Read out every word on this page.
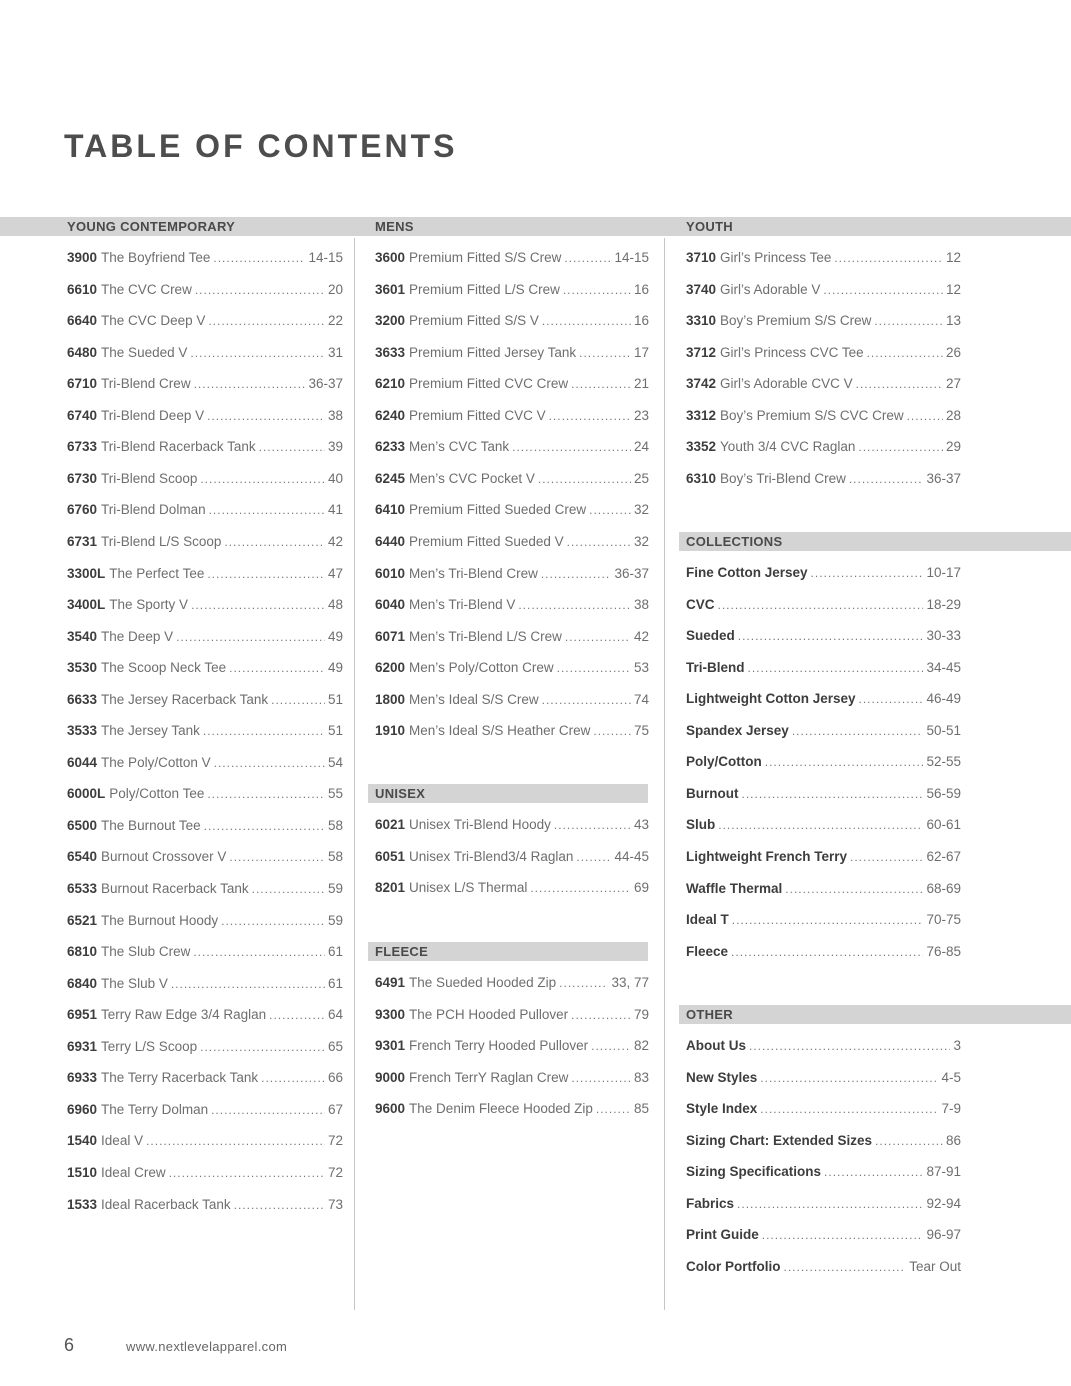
TABLE OF CONTENTS
YOUNG CONTEMPORARY	MENS	YOUTH
UNISEX
FLEECE
COLLECTIONS
OTHER
3900 The Boyfriend Tee .....	14-15
6610 The CVC Crew .....	20
6640 The CVC Deep V .....	22
6480 The Sueded V .....	31
6710 Tri-Blend Crew .....	36-37
6740 Tri-Blend Deep V .....	38
6733 Tri-Blend Racerback Tank .....	39
6730 Tri-Blend Scoop .....	40
6760 Tri-Blend Dolman .....	41
6731 Tri-Blend L/S Scoop .....	42
3300L The Perfect Tee .....	47
3400L The Sporty V .....	48
3540 The Deep V .....	49
3530 The Scoop Neck Tee .....	49
6633 The Jersey Racerback Tank .....	51
3533 The Jersey Tank .....	51
6044 The Poly/Cotton V .....	54
6000L Poly/Cotton Tee .....	55
6500 The Burnout Tee .....	58
6540 Burnout Crossover V .....	58
6533 Burnout Racerback Tank .....	59
6521 The Burnout Hoody .....	59
6810 The Slub Crew .....	61
6840 The Slub V .....	61
6951 Terry Raw Edge 3/4 Raglan .....	64
6931 Terry L/S Scoop .....	65
6933 The Terry Racerback Tank .....	66
6960 The Terry Dolman .....	67
1540 Ideal V .....	72
1510 Ideal Crew .....	72
1533 Ideal Racerback Tank .....	73
3600 Premium Fitted S/S Crew .....	14-15
3601 Premium Fitted L/S Crew .....	16
3200 Premium Fitted S/S V .....	16
3633 Premium Fitted Jersey Tank .....	17
6210 Premium Fitted CVC Crew .....	21
6240 Premium Fitted CVC V .....	23
6233 Men’s CVC Tank .....	24
6245 Men’s CVC Pocket V .....	25
6410 Premium Fitted Sueded Crew .....	32
6440 Premium Fitted Sueded V .....	32
6010 Men’s Tri-Blend Crew .....	36-37
6040 Men’s Tri-Blend V .....	38
6071 Men’s Tri-Blend L/S Crew .....	42
6200 Men’s Poly/Cotton Crew .....	53
1800 Men’s Ideal S/S Crew .....	74
1910 Men’s Ideal S/S Heather Crew .....	75
6021 Unisex Tri-Blend Hoody .....	43
6051 Unisex Tri-Blend3/4 Raglan .....	44-45
8201 Unisex L/S Thermal .....	69
6491 The Sueded Hooded Zip .....	33, 77
9300 The PCH Hooded Pullover .....	79
9301 French Terry Hooded Pullover .....	82
9000 French TerrY Raglan Crew .....	83
9600 The Denim Fleece Hooded Zip .....	85
3710 Girl’s Princess Tee .....	12
3740 Girl’s Adorable V .....	12
3310 Boy’s Premium S/S Crew .....	13
3712 Girl’s Princess CVC Tee .....	26
3742 Girl’s Adorable CVC V .....	27
3312 Boy’s Premium S/S CVC Crew .....	28
3352 Youth 3/4 CVC Raglan .....	29
6310 Boy’s Tri-Blend Crew .....	36-37
Fine Cotton Jersey .....	10-17
CVC .....	18-29
Sueded .....	30-33
Tri-Blend .....	34-45
Lightweight Cotton Jersey .....	46-49
Spandex Jersey .....	50-51
Poly/Cotton .....	52-55
Burnout .....	56-59
Slub .....	60-61
Lightweight French Terry .....	62-67
Waffle Thermal .....	68-69
Ideal T .....	70-75
Fleece .....	76-85
About Us .....	3
New Styles .....	4-5
Style Index .....	7-9
Sizing Chart: Extended Sizes .....	86
Sizing Specifications .....	87-91
Fabrics .....	92-94
Print Guide .....	96-97
Color Portfolio .....	Tear Out
6	www.nextlevelapparel.com
